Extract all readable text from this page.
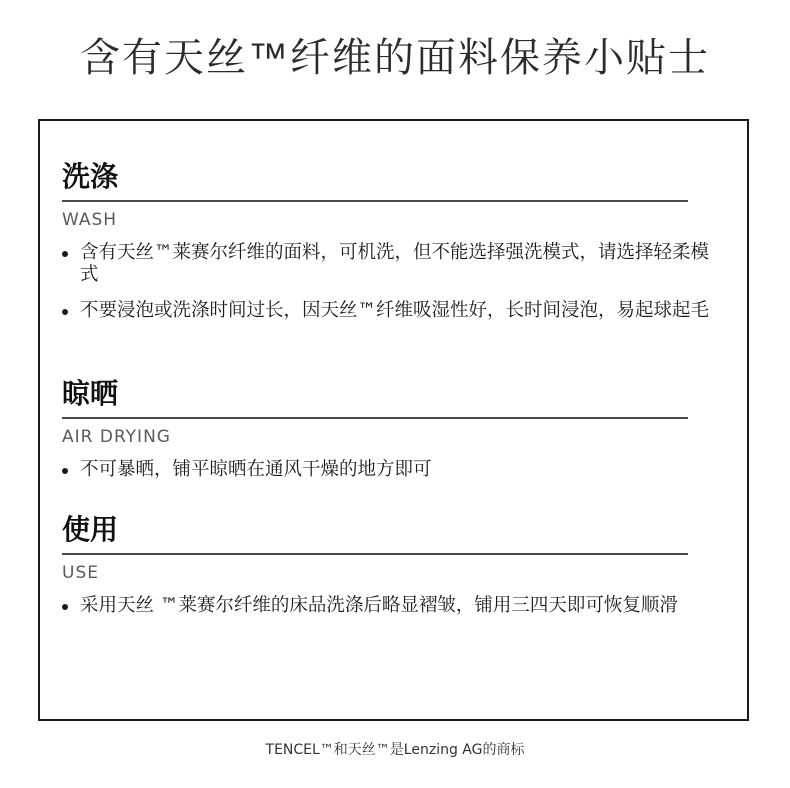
含有天丝™纤维的面料保养小贴士
洗涤
WASH
含有天丝™莱赛尔纤维的面料，可机洗，但不能选择强洗模式，请选择轻柔模式
不要浸泡或洗涤时间过长，因天丝™纤维吸湿性好，长时间浸泡，易起球起毛
晾晒
AIR DRYING
不可暴晒，铺平晾晒在通风干燥的地方即可
使用
USE
采用天丝 ™莱赛尔纤维的床品洗涤后略显褶皱，铺用三四天即可恢复顺滑
TENCEL™和天丝™是Lenzing AG的商标
